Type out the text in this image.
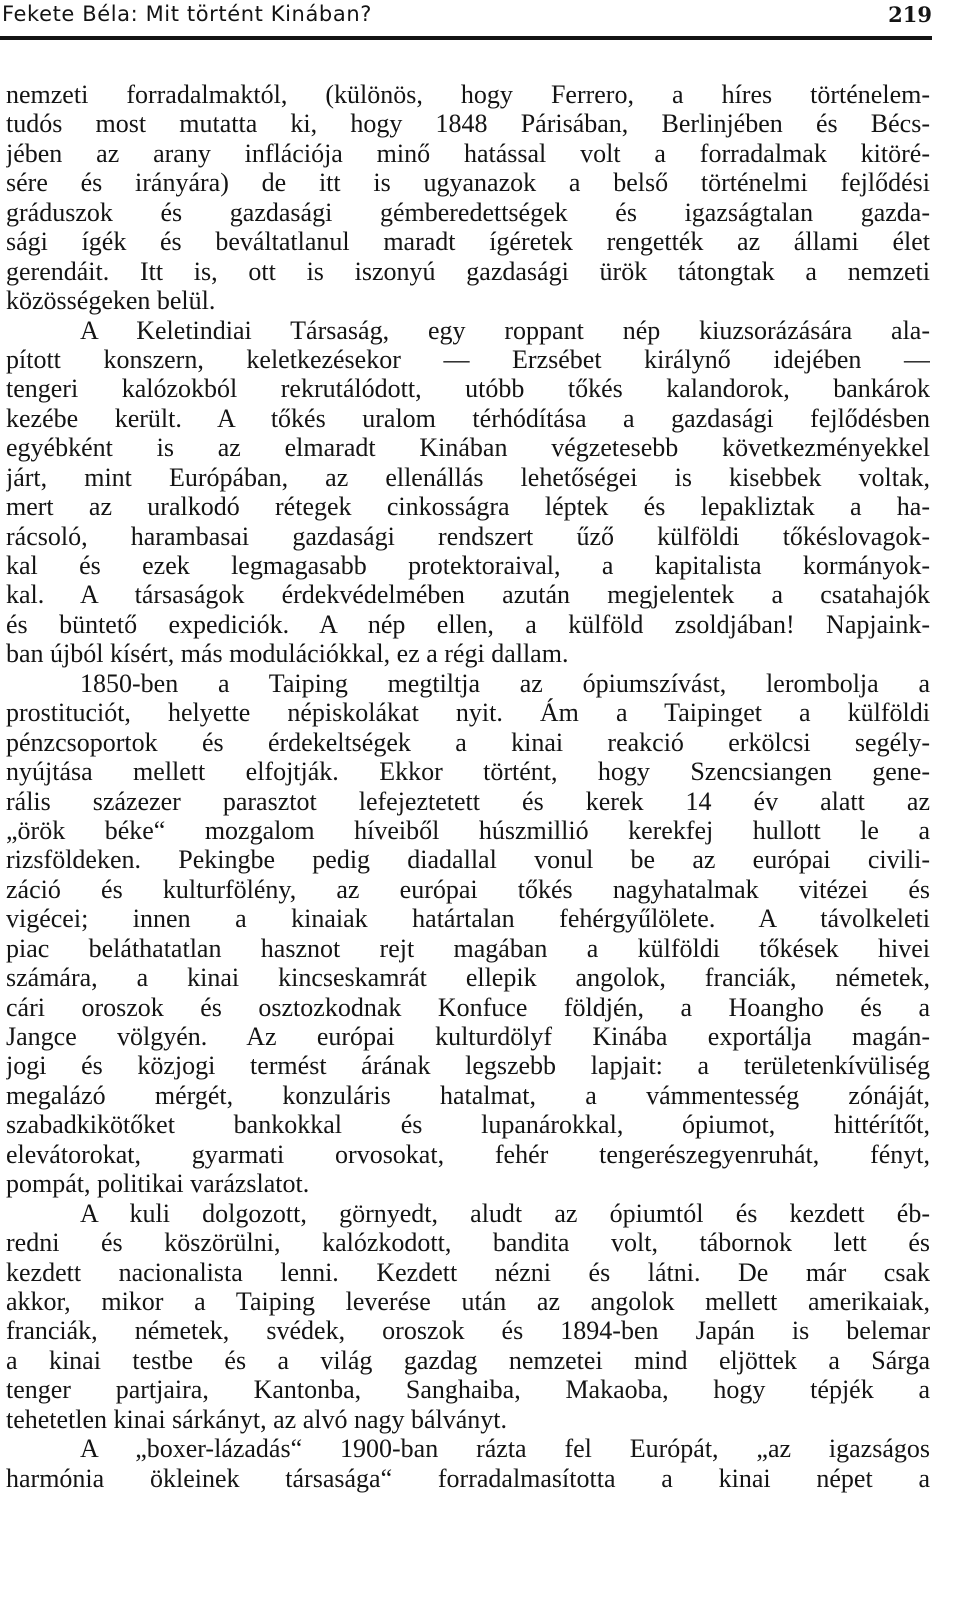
Fekete Béla: Mit történt Kinában?	219
nemzeti forradalmaktól, (különös, hogy Ferrero, a híres történelem-
tudós most mutatta ki, hogy 1848 Párisában, Berlinjében és Bécs-
jében az arany inflációja minő hatással volt a forradalmak kitöré-
sére és irányára) de itt is ugyanazok a belső történelmi fejlődési
gráduszok és gazdasági gémberedettségek és igazságtalan gazda-
sági ígék és beváltatlanul maradt ígéretek rengették az állami élet
gerendáit. Itt is, ott is iszonyú gazdasági ürök tátongtak a nemzeti
közösségeken belül.
A Keletindiai Társaság, egy roppant nép kiuzsorázására ala-
pított konszern, keletkezésekor — Erzsébet királynő idejében —
tengeri kalózokból rekrutálódott, utóbb tőkés kalandorok, bankárok
kezébe került. A tőkés uralom térhódítása a gazdasági fejlődésben
egyébként is az elmaradt Kinában végzetesebb következményekkel
járt, mint Európában, az ellenállás lehetőségei is kisebbek voltak,
mert az uralkodó rétegek cinkosságra léptek és lepakliztak a ha-
rácsoló, harambasai gazdasági rendszert űző külföldi tőkéslovagok-
kal és ezek legmagasabb protektoraival, a kapitalista kormányok-
kal. A társaságok érdekvédelmében azután megjelentek a csatahajók
és büntető expediciók. A nép ellen, a külföld zsoldjában! Napjaink-
ban újból kísért, más modulációkkal, ez a régi dallam.
1850-ben a Taiping megtiltja az ópiumszívást, lerombolja a
prostituciót, helyette népiskolákat nyit. Ám a Taipinget a külföldi
pénzcsoportok és érdekeltségek a kinai reakció erkölcsi segély-
nyújtása mellett elfojtják. Ekkor történt, hogy Szencsiangen gene-
rális százezer parasztot lefejeztetett és kerek 14 év alatt az
„örök béke“ mozgalom híveiből húszmillió kerekfej hullott le a
rizsföldeken. Pekingbe pedig diadallal vonul be az európai civili-
záció és kulturfölény, az európai tőkés nagyhatalmak vitézei és
vigécei; innen a kinaiak határtalan fehérgyűlölete. A távolkeleti
piac beláthatatlan hasznot rejt magában a külföldi tőkések hivei
számára, a kinai kincseskamrát ellepik angolok, franciák, németek,
cári oroszok és osztozkodnak Konfuce földjén, a Hoangho és a
Jangce völgyén. Az európai kulturdölyf Kinába exportálja magán-
jogi és közjogi termést árának legszebb lapjait: a területenkívüliség
megalázó mérgét, konzuláris hatalmat, a vámmentesség zónáját,
szabadkikötőket bankokkal és lupanárokkal, ópiumot, hittérítőt,
elevátorokat, gyarmati orvosokat, fehér tengerészegyenruhát, fényt,
pompát, politikai varázslatot.
A kuli dolgozott, görnyedt, aludt az ópiumtól és kezdett éb-
redni és köszörülni, kalózkodott, bandita volt, tábornok lett és
kezdett nacionalista lenni. Kezdett nézni és látni. De már csak
akkor, mikor a Taiping leverése után az angolok mellett amerikaiak,
franciák, németek, svédek, oroszok és 1894-ben Japán is belemar
a kinai testbe és a világ gazdag nemzetei mind eljöttek a Sárga
tenger partjaira, Kantonba, Sanghaiba, Makaoba, hogy tépjék a
tehetetlen kinai sárkányt, az alvó nagy bálványt.
A „boxer-lázadás“ 1900-ban rázta fel Európát, „az igazságos
harmónia ökleinek társasága“ forradalmasította a kinai népet a
